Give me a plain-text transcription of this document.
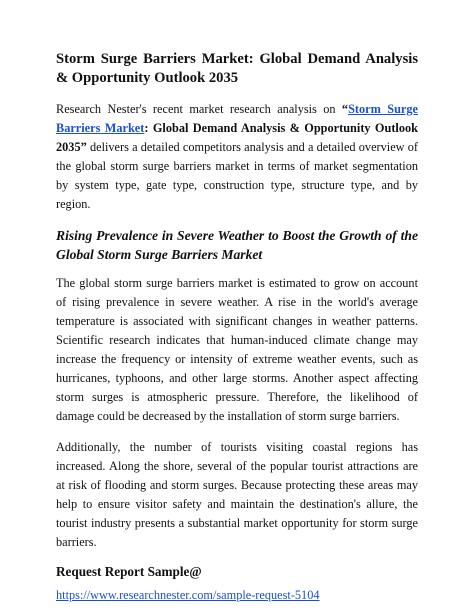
Storm Surge Barriers Market: Global Demand Analysis & Opportunity Outlook 2035

Research Nester's recent market research analysis on “Storm Surge Barriers Market: Global Demand Analysis & Opportunity Outlook 2035” delivers a detailed competitors analysis and a detailed overview of the global storm surge barriers market in terms of market segmentation by system type, gate type, construction type, structure type, and by region.

Rising Prevalence in Severe Weather to Boost the Growth of the Global Storm Surge Barriers Market

The global storm surge barriers market is estimated to grow on account of rising prevalence in severe weather. A rise in the world's average temperature is associated with significant changes in weather patterns. Scientific research indicates that human-induced climate change may increase the frequency or intensity of extreme weather events, such as hurricanes, typhoons, and other large storms. Another aspect affecting storm surges is atmospheric pressure. Therefore, the likelihood of damage could be decreased by the installation of storm surge barriers.

Additionally, the number of tourists visiting coastal regions has increased. Along the shore, several of the popular tourist attractions are at risk of flooding and storm surges. Because protecting these areas may help to ensure visitor safety and maintain the destination's allure, the tourist industry presents a substantial market opportunity for storm surge barriers.

Request Report Sample@
https://www.researchnester.com/sample-request-5104
